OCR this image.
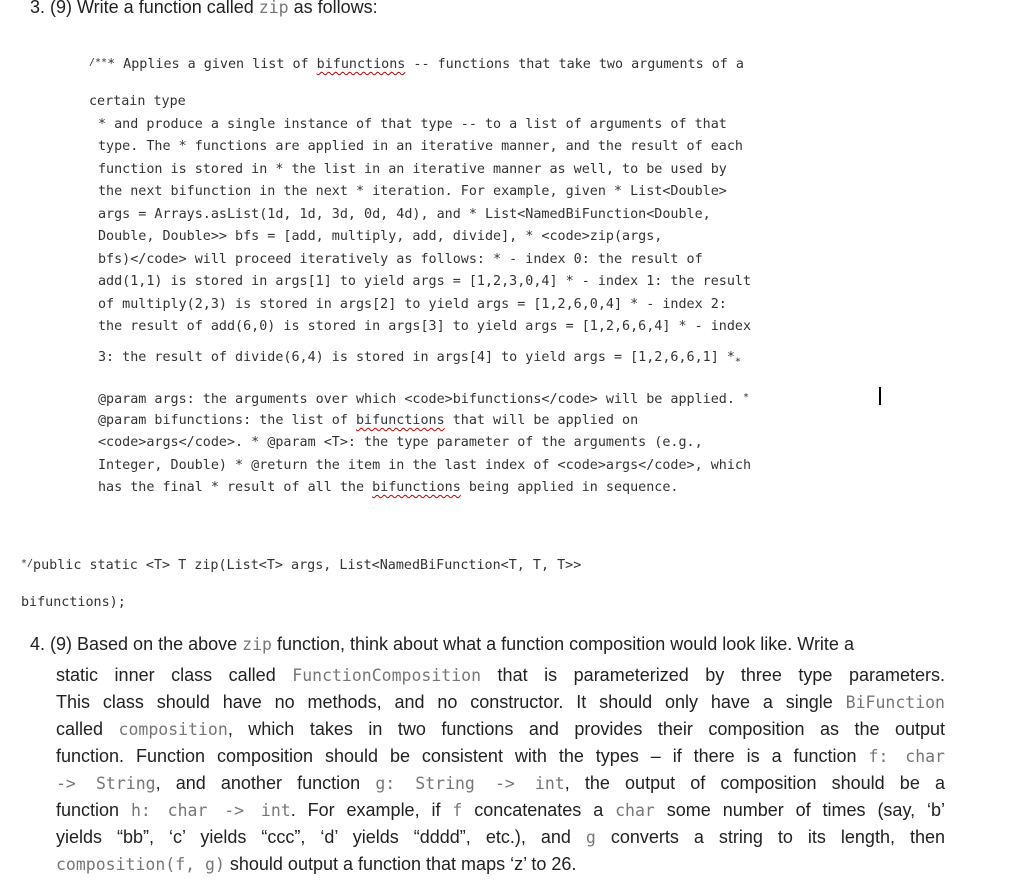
3. (9) Write a function called zip as follows:
/*** Applies a given list of bifunctions -- functions that take two arguments of a
certain type
* and produce a single instance of that type -- to a list of arguments of that
type. The * functions are applied in an iterative manner, and the result of each
function is stored in * the list in an iterative manner as well, to be used by
the next bifunction in the next * iteration. For example, given * List<Double>
args = Arrays.asList(1d, 1d, 3d, 0d, 4d), and * List<NamedBiFunction<Double,
Double, Double>> bfs = [add, multiply, add, divide], * <code>zip(args,
bfs)</code> will proceed iteratively as follows: * - index 0: the result of
add(1,1) is stored in args[1] to yield args = [1,2,3,0,4] * - index 1: the result
of multiply(2,3) is stored in args[2] to yield args = [1,2,6,0,4] * - index 2:
the result of add(6,0) is stored in args[3] to yield args = [1,2,6,6,4] * - index
3: the result of divide(6,4) is stored in args[4] to yield args = [1,2,6,6,1] $*_*$
@param args: the arguments over which <code>bifunctions</code> will be applied. *
@param bifunctions: the list of bifunctions that will be applied on
<code>args</code>. * @param <T>: the type parameter of the arguments (e.g.,
Integer, Double) * @return the item in the last index of <code>args</code>, which
has the final * result of all the bifunctions being applied in sequence.
*/public static <T> T zip(List<T> args, List<NamedBiFunction<T, T, T>>
bifunctions);
4. (9) Based on the above zip function, think about what a function composition would look like. Write a
static inner class called FunctionComposition that is parameterized by three type parameters.
This class should have no methods, and no constructor. It should only have a single BiFunction
called composition, which takes in two functions and provides their composition as the output
function. Function composition should be consistent with the types – if there is a function f: char
-> String, and another function g: String -> int, the output of composition should be a
function h: char -> int. For example, if f concatenates a char some number of times (say, ‘b’
yields “bb”, ‘c’ yields “ccc”, ‘d’ yields “dddd”, etc.), and g converts a string to its length, then
composition(f, g) should output a function that maps ‘z’ to 26.
